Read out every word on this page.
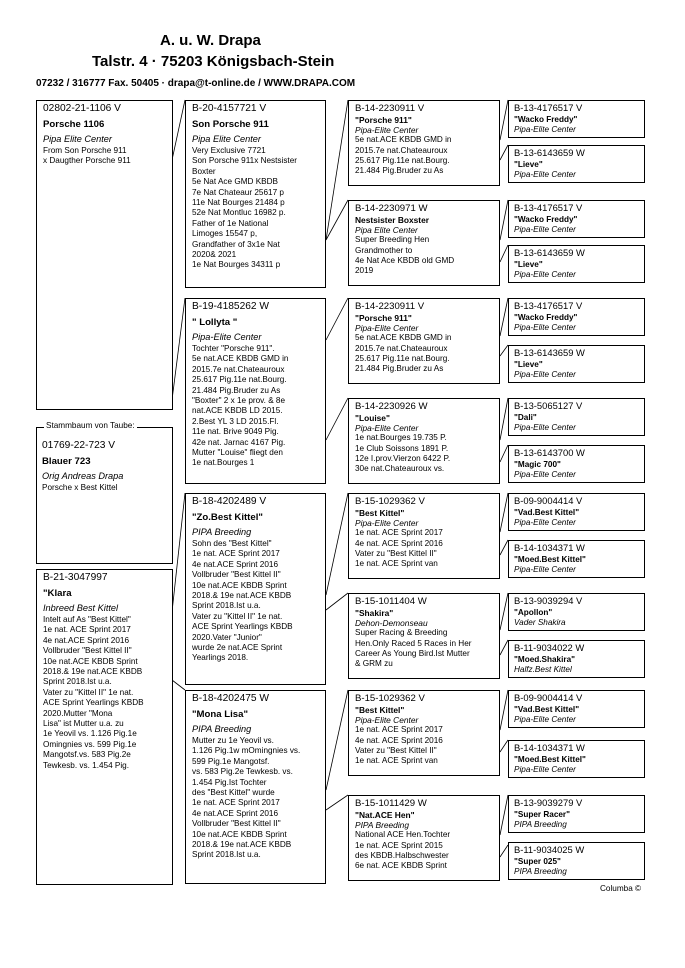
A. u. W. Drapa
Talstr. 4 · 75203 Königsbach-Stein
07232 / 316777 Fax. 50405 · drapa@t-online.de / WWW.DRAPA.COM
02802-21-1106 V
Porsche 1106
Pipa Elite Center
From Son Porsche 911
x Daugther Porsche 911
Stammbaum von Taube:
01769-22-723 V
Blauer 723
Orig Andreas Drapa
Porsche x Best Kittel
B-21-3047997
"Klara
Inbreed Best Kittel
Intelt auf As "Best Kittel"
1e nat. ACE Sprint 2017
4e nat.ACE Sprint 2016
Vollbruder "Best Kittel II"
10e nat.ACE KBDB Sprint
2018.& 19e nat.ACE KBDB
Sprint 2018.Ist u.a.
Vater zu "Kittel II" 1e nat.
ACE Sprint Yearlings KBDB
2020.Mutter "Mona
Lisa" ist Mutter u.a. zu
1e Yeovil vs. 1.126 Pig.1e
Omingnies vs. 599 Pig.1e
Mangotsf.vs. 583 Pig.2e
Tewkesb. vs. 1.454 Pig.
B-20-4157721 V
Son Porsche 911
Pipa Elite Center
Very Exclusive 7721
Son Porsche 911x Nestsister
Boxter
5e Nat Ace GMD KBDB
7e Nat Chateaur 25617 p
11e Nat Bourges 21484 p
52e Nat Montluc 16982 p.
Father of 1e National
Limoges 15547 p,
Grandfather of 3x1e Nat
2020& 2021
1e Nat Bourges 34311 p
B-19-4185262 W
" Lollyta "
Pipa-Elite Center
Tochter "Porsche 911".
5e nat.ACE KBDB GMD in
2015.7e nat.Chateauroux
25.617 Pig.11e nat.Bourg.
21.484 Pig.Bruder zu As
"Boxter" 2 x 1e prov. & 8e
nat.ACE KBDB LD 2015.
2.Best YL 3 LD 2015.Fl.
11e nat. Brive 9049 Pig.
42e nat. Jarnac 4167 Pig.
Mutter "Louise" fliegt den
1e nat.Bourges 1
B-18-4202489 V
"Zo.Best Kittel"
PIPA Breeding
Sohn des "Best Kittel"
1e nat. ACE Sprint 2017
4e nat.ACE Sprint 2016
Vollbruder "Best Kittel II"
10e nat.ACE KBDB Sprint
2018.& 19e nat.ACE KBDB
Sprint 2018.Ist u.a.
Vater zu "Kittel II" 1e nat.
ACE Sprint Yearlings KBDB
2020.Vater "Junior"
wurde 2e nat.ACE Sprint
Yearlings 2018.
B-18-4202475 W
"Mona Lisa"
PIPA Breeding
Mutter zu 1e Yeovil vs.
1.126 Pig.1w mOmingnies vs.
599 Pig.1e Mangotsf.
vs. 583 Pig.2e Tewkesb. vs.
1.454 Pig.Ist Tochter
des "Best Kittel" wurde
1e nat. ACE Sprint 2017
4e nat.ACE Sprint 2016
Vollbruder "Best Kittel II"
10e nat.ACE KBDB Sprint
2018.& 19e nat.ACE KBDB
Sprint 2018.Ist u.a.
B-14-2230911 V
"Porsche 911"
Pipa-Elite Center
5e nat.ACE KBDB GMD in
2015.7e nat.Chateauroux
25.617 Pig.11e nat.Bourg.
21.484 Pig.Bruder zu As
B-14-2230971 W
Nestsister Boxster
Pipa Elite Center
Super Breeding Hen
Grandmother to
4e Nat Ace KBDB old GMD
2019
B-14-2230911 V
"Porsche 911"
Pipa-Elite Center
5e nat.ACE KBDB GMD in
2015.7e nat.Chateauroux
25.617 Pig.11e nat.Bourg.
21.484 Pig.Bruder zu As
B-14-2230926 W
"Louise"
Pipa-Elite Center
1e nat.Bourges 19.735 P.
1e Club Soissons 1891 P.
12e I.prov.Vierzon 6422 P.
30e nat.Chateauroux vs.
B-15-1029362 V
"Best Kittel"
Pipa-Elite Center
1e nat. ACE Sprint 2017
4e nat. ACE Sprint 2016
Vater zu "Best Kittel II"
1e nat. ACE Sprint van
B-15-1011404 W
"Shakira"
Dehon-Demonseau
Super Racing & Breeding
Hen.Only Raced 5 Races in Her
Career As Young Bird.Ist Mutter
& GRM zu
B-15-1029362 V
"Best Kittel"
Pipa-Elite Center
1e nat. ACE Sprint 2017
4e nat. ACE Sprint 2016
Vater zu "Best Kittel II"
1e nat. ACE Sprint van
B-15-1011429 W
"Nat.ACE Hen"
PIPA Breeding
National ACE Hen.Tochter
1e nat. ACE Sprint 2015
des KBDB.Halbschwester
6e nat. ACE KBDB Sprint
B-13-4176517 V
"Wacko Freddy"
Pipa-Elite Center
B-13-6143659 W
"Lieve"
Pipa-Elite Center
B-13-4176517 V
"Wacko Freddy"
Pipa-Elite Center
B-13-6143659 W
"Lieve"
Pipa-Elite Center
B-13-4176517 V
"Wacko Freddy"
Pipa-Elite Center
B-13-6143659 W
"Lieve"
Pipa-Elite Center
B-13-5065127 V
"Dali"
Pipa-Elite Center
B-13-6143700 W
"Magic 700"
Pipa-Elite Center
B-09-9004414 V
"Vad.Best Kittel"
Pipa-Elite Center
B-14-1034371 W
"Moed.Best Kittel"
Pipa-Elite Center
B-13-9039294 V
"Apollon"
Vader Shakira
B-11-9034022 W
"Moed.Shakira"
Halfz.Best Kittel
B-09-9004414 V
"Vad.Best Kittel"
Pipa-Elite Center
B-14-1034371 W
"Moed.Best Kittel"
Pipa-Elite Center
B-13-9039279 V
"Super Racer"
PIPA Breeding
B-11-9034025 W
"Super 025"
PIPA Breeding
Columba ©
